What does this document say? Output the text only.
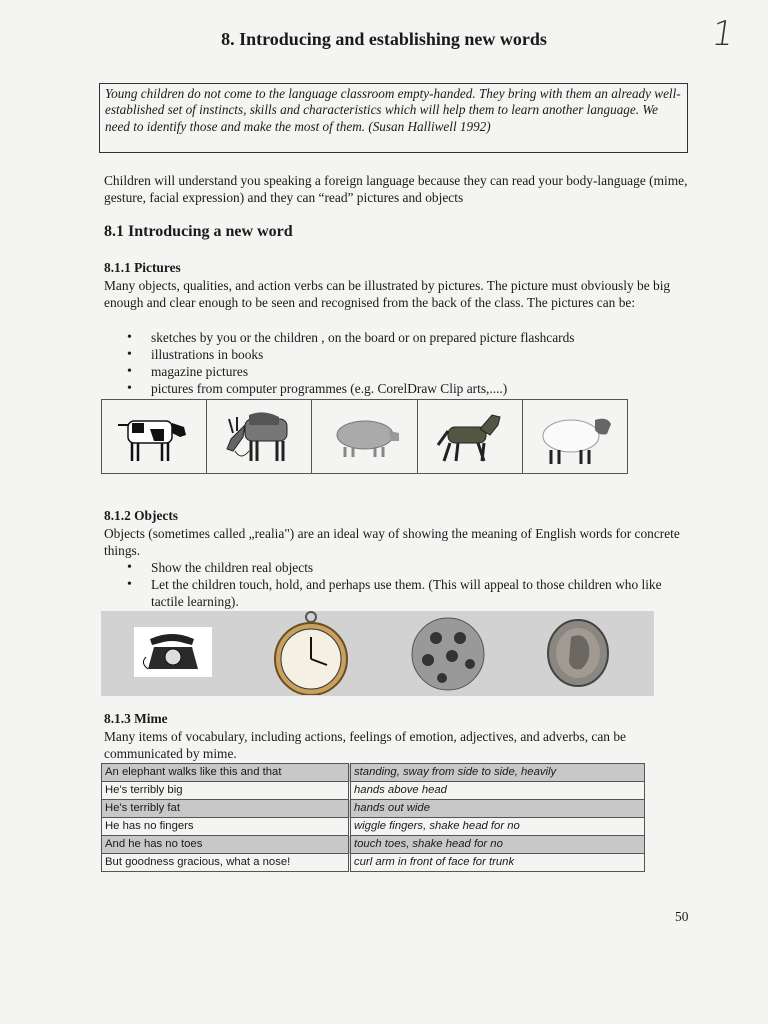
8. Introducing and establishing new words	1
Young children do not come to the language classroom empty-handed. They bring with them an already well-established set of instincts, skills and characteristics which will help them to learn another language. We need to identify those and make the most of them. (Susan Halliwell 1992)
Children will understand you speaking a foreign language because they can read your body-language (mime, gesture, facial expression) and they can “read” pictures and objects
8.1 Introducing a new word
8.1.1 Pictures
Many objects, qualities, and action verbs can be illustrated by pictures. The picture must obviously be big enough and clear enough to be seen and recognised from the back of the class. The pictures can be:
• sketches by you or the children , on the board or on prepared picture flashcards
• illustrations in books
• magazine pictures
• pictures from computer programmes (e.g. CorelDraw Clip arts,....)
8.1.2 Objects
Objects (sometimes called „realia") are an ideal way of showing the meaning of English words for concrete things.
• Show the children real objects
• Let the children touch, hold, and perhaps use them. (This will appeal to those children who like tactile learning).
8.1.3 Mime
Many items of vocabulary, including actions, feelings of emotion, adjectives, and adverbs, can be communicated by mime.
An elephant walks like this and that	standing, sway from side to side, heavily
He's terribly big	hands above head
He's terribly fat	hands out wide
He has no fingers	wiggle fingers, shake head for no
And he has no toes	touch toes, shake head for no
But goodness gracious, what a nose!	curl arm in front of face for trunk
50
